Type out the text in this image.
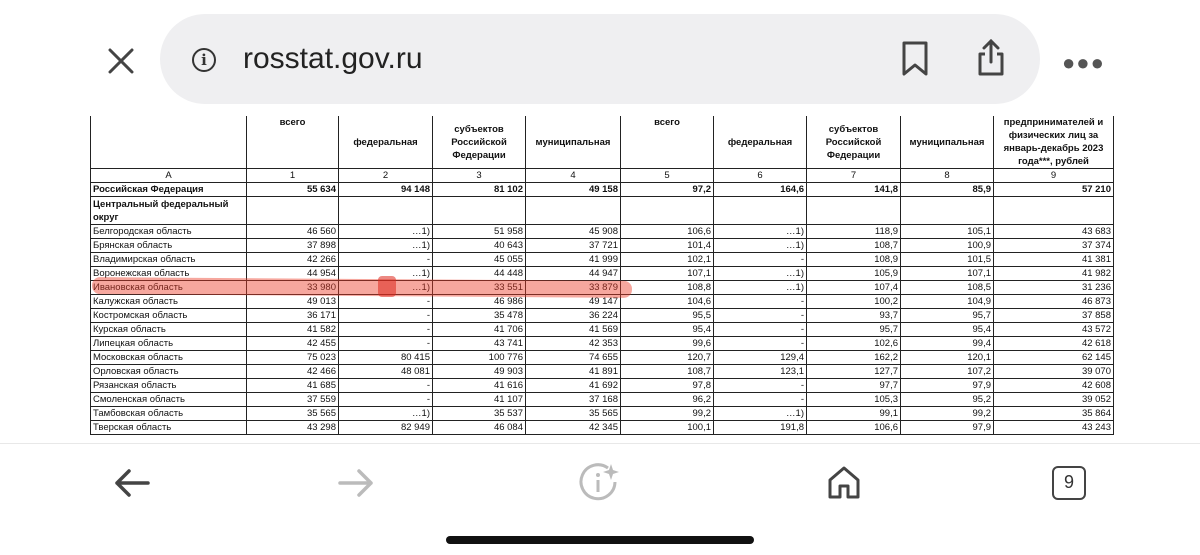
	всего	федеральная	субъектов Российской Федерации	муниципальная	всего	федеральная	субъектов Российской Федерации	муниципальная	предпринимателей и физических лиц за январь-декабрь 2023 года***, рублей
А	1	2	3	4	5	6	7	8	9
Российская Федерация	55 634	94 148	81 102	49 158	97,2	164,6	141,8	85,9	57 210
Центральный федеральный округ									
Белгородская область	46 560	…1)	51 958	45 908	106,6	…1)	118,9	105,1	43 683
Брянская область	37 898	…1)	40 643	37 721	101,4	…1)	108,7	100,9	37 374
Владимирская область	42 266	-	45 055	41 999	102,1	-	108,9	101,5	41 381
Воронежская область	44 954	…1)	44 448	44 947	107,1	…1)	105,9	107,1	41 982
Ивановская область	33 980	…1)	33 551	33 879	108,8	…1)	107,4	108,5	31 236
Калужская область	49 013	-	46 986	49 147	104,6	-	100,2	104,9	46 873
Костромская область	36 171	-	35 478	36 224	95,5	-	93,7	95,7	37 858
Курская область	41 582	-	41 706	41 569	95,4	-	95,7	95,4	43 572
Липецкая область	42 455	-	43 741	42 353	99,6	-	102,6	99,4	42 618
Московская область	75 023	80 415	100 776	74 655	120,7	129,4	162,2	120,1	62 145
Орловская область	42 466	48 081	49 903	41 891	108,7	123,1	127,7	107,2	39 070
Рязанская область	41 685	-	41 616	41 692	97,8	-	97,7	97,9	42 608
Смоленская область	37 559	-	41 107	37 168	96,2	-	105,3	95,2	39 052
Тамбовская область	35 565	…1)	35 537	35 565	99,2	…1)	99,1	99,2	35 864
Тверская область	43 298	82 949	46 084	42 345	100,1	191,8	106,6	97,9	43 243
i	rosstat.gov.ru	●●●
9
